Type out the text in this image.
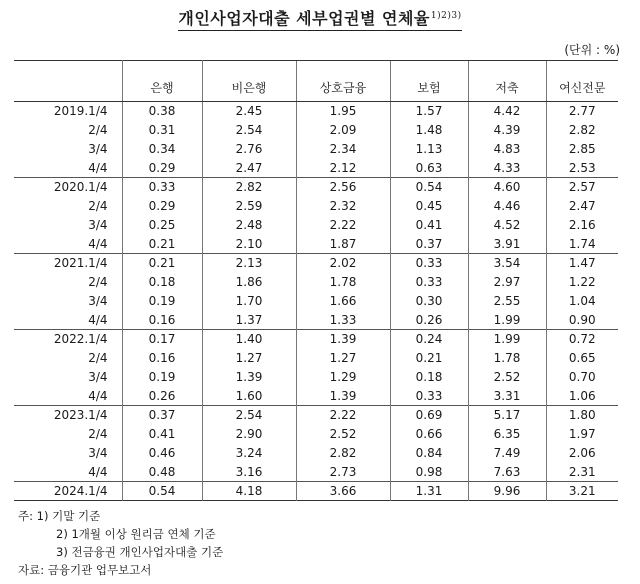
개인사업자대출 세부업권별 연체율$^{1)2)3)}$
(단위 : %)
	은행	비은행	상호금융	보험	저축	여신전문
2019.1/4	0.38	2.45	1.95	1.57	4.42	2.77
2/4	0.31	2.54	2.09	1.48	4.39	2.82
3/4	0.34	2.76	2.34	1.13	4.83	2.85
4/4	0.29	2.47	2.12	0.63	4.33	2.53
2020.1/4	0.33	2.82	2.56	0.54	4.60	2.57
2/4	0.29	2.59	2.32	0.45	4.46	2.47
3/4	0.25	2.48	2.22	0.41	4.52	2.16
4/4	0.21	2.10	1.87	0.37	3.91	1.74
2021.1/4	0.21	2.13	2.02	0.33	3.54	1.47
2/4	0.18	1.86	1.78	0.33	2.97	1.22
3/4	0.19	1.70	1.66	0.30	2.55	1.04
4/4	0.16	1.37	1.33	0.26	1.99	0.90
2022.1/4	0.17	1.40	1.39	0.24	1.99	0.72
2/4	0.16	1.27	1.27	0.21	1.78	0.65
3/4	0.19	1.39	1.29	0.18	2.52	0.70
4/4	0.26	1.60	1.39	0.33	3.31	1.06
2023.1/4	0.37	2.54	2.22	0.69	5.17	1.80
2/4	0.41	2.90	2.52	0.66	6.35	1.97
3/4	0.46	3.24	2.82	0.84	7.49	2.06
4/4	0.48	3.16	2.73	0.98	7.63	2.31
2024.1/4	0.54	4.18	3.66	1.31	9.96	3.21
주: 1) 기말 기준
2) 1개월 이상 원리금 연체 기준
3) 전금융권 개인사업자대출 기준
자료: 금융기관 업무보고서
